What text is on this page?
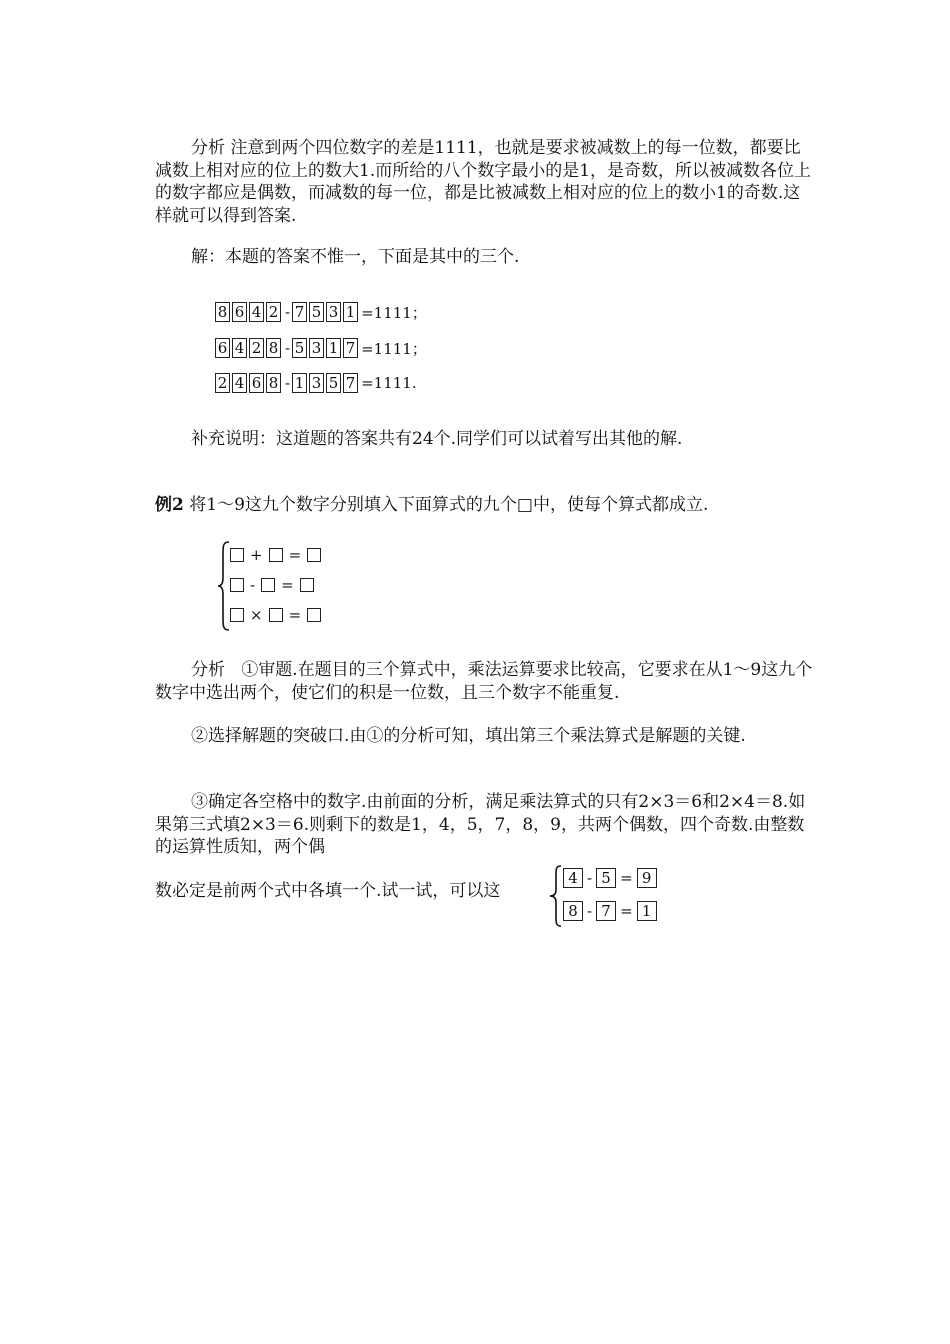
分析 注意到两个四位数字的差是1111，也就是要求被减数上的每一位数，都要比减数上相对应的位上的数大1.而所给的八个数字最小的是1，是奇数，所以被减数各位上的数字都应是偶数，而减数的每一位，都是比被减数上相对应的位上的数小1的奇数.这样就可以得到答案.
解：本题的答案不惟一，下面是其中的三个.
8 6 4 2 - 7 5 3 1 =1111；
6 4 2 8 - 5 3 1 7 =1111；
2 4 6 8 - 1 3 5 7 =1111.
补充说明：这道题的答案共有24个.同学们可以试着写出其他的解.
例2 将1～9这九个数字分别填入下面算式的九个□中，使每个算式都成立.
+ =
- =
× =
分析 ①审题.在题目的三个算式中，乘法运算要求比较高，它要求在从1～9这九个数字中选出两个，使它们的积是一位数，且三个数字不能重复.
②选择解题的突破口.由①的分析可知，填出第三个乘法算式是解题的关键.
③确定各空格中的数字.由前面的分析，满足乘法算式的只有2×3＝6和2×4＝8.如果第三式填2×3＝6.则剩下的数是1，4，5，7，8，9，共两个偶数，四个奇数.由整数的运算性质知，两个偶
数必定是前两个式中各填一个.试一试，可以这
4 - 5 = 9
8 - 7 = 1
